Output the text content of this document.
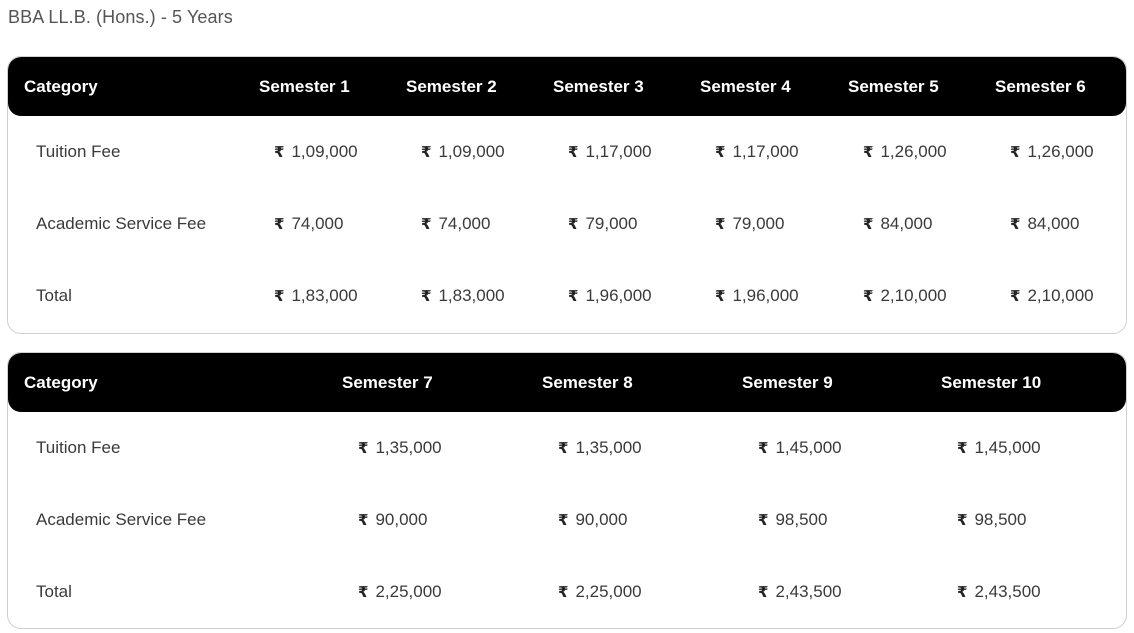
BBA LL.B. (Hons.) - 5 Years
Category	Semester 1	Semester 2	Semester 3	Semester 4	Semester 5	Semester 6
Tuition Fee	₹ 1,09,000	₹ 1,09,000	₹ 1,17,000	₹ 1,17,000	₹ 1,26,000	₹ 1,26,000
Academic Service Fee	₹ 74,000	₹ 74,000	₹ 79,000	₹ 79,000	₹ 84,000	₹ 84,000
Total	₹ 1,83,000	₹ 1,83,000	₹ 1,96,000	₹ 1,96,000	₹ 2,10,000	₹ 2,10,000
Category	Semester 7	Semester 8	Semester 9	Semester 10
Tuition Fee	₹ 1,35,000	₹ 1,35,000	₹ 1,45,000	₹ 1,45,000
Academic Service Fee	₹ 90,000	₹ 90,000	₹ 98,500	₹ 98,500
Total	₹ 2,25,000	₹ 2,25,000	₹ 2,43,500	₹ 2,43,500
